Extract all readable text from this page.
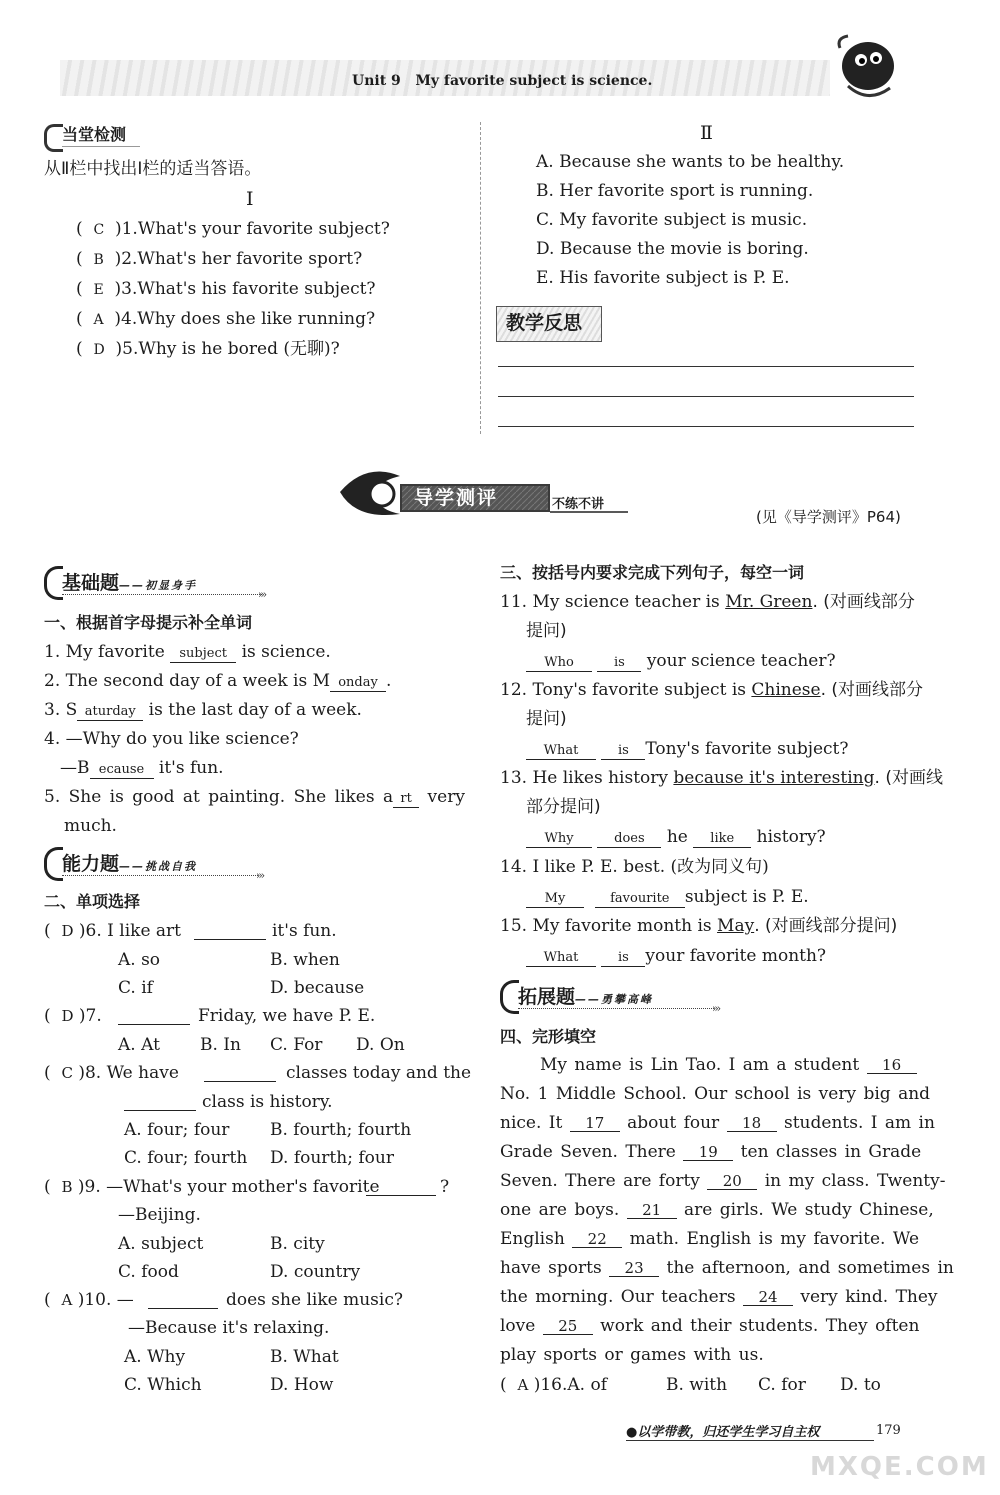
Unit 9 My favorite subject is science.
当堂检测
从Ⅱ栏中找出Ⅰ栏的适当答语。
Ⅰ
(  C )1.What's your favorite subject?
(  B )2.What's her favorite sport?
(  E )3.What's his favorite subject?
(  A )4.Why does she like running?
(  D )5.Why is he bored (无聊)?
Ⅱ
A. Because she wants to be healthy.
B. Her favorite sport is running.
C. My favorite subject is music.
D. Because the movie is boring.
E. His favorite subject is P. E.
教学反思
导学测评	不练不讲
(见《导学测评》P64)
基础题——初显身手
›››
一、根据首字母提示补全单词
1. My favorite subject is science.
2. The second day of a week is M onday .
3. S aturday is the last day of a week.
4. —Why do you like science?
—B ecause it's fun.
5. She is good at painting. She likes a rt very
much.
能力题——挑战自我
›››
二、单项选择
(  D )6. I like art	it's fun.
A. so	B. when
C. if	D. because
(  D )7.	Friday, we have P. E.
A. At B. In C. For D. On
(  C )8. We have	classes today and the
A. four; four B. fourth; fourth
C. four; fourth D. fourth; four
(  B )9. —What's your mother's favorite	?
A. subject	B. city
C. food	D. country
(  A )10. —	does she like music?
A. Why	B. What
C. Which	D. How
class is history.
—Beijing.
—Because it's relaxing.
三、按括号内要求完成下列句子，每空一词
11. My science teacher is Mr. Green. (对画线部分
提问)
Who	is your science teacher?
12. Tony's favorite subject is Chinese. (对画线部分
提问)
What	is Tony's favorite subject?
13. He likes history because it's interesting. (对画线
部分提问)
Why	does he like history?
14. I like P. E. best. (改为同义句)
My	favourite subject is P. E.
15. My favorite month is May. (对画线部分提问)
What	is your favorite month?
拓展题——勇攀高峰
›››
四、完形填空
My name is Lin Tao. I am a student 16
No. 1 Middle School. Our school is very big and
nice. It 17 about four 18 students. I am in
Grade Seven. There 19 ten classes in Grade
Seven. There are forty 20 in my class. Twenty-
one are boys. 21 are girls. We study Chinese,
English 22 math. English is my favorite. We
have sports 23 the afternoon, and sometimes in
the morning. Our teachers 24 very kind. They
love 25 work and their students. They often
play sports or games with us.
(  A )16.A. of	B. with C. for D. to
●以学带教，归还学生学习自主权	179
MXQE.COM
